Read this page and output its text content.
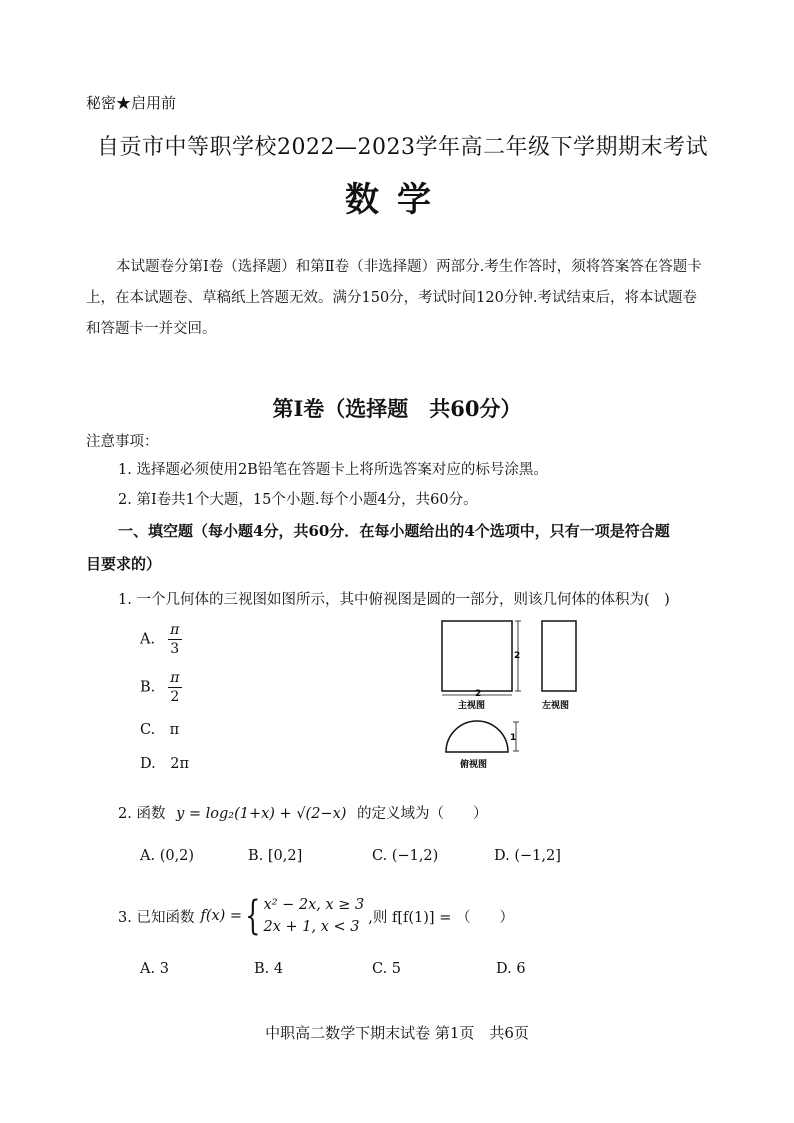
秘密★启用前
自贡市中等职学校2022—2023学年高二年级下学期期末考试
数学
本试题卷分第Ⅰ卷（选择题）和第Ⅱ卷（非选择题）两部分.考生作答时，须将答案答在答题卡上，在本试题卷、草稿纸上答题无效。满分150分，考试时间120分钟.考试结束后，将本试题卷和答题卡一并交回。
第Ⅰ卷（选择题　共60分）
注意事项：
1. 选择题必须使用2B铅笔在答题卡上将所选答案对应的标号涂黑。
2. 第Ⅰ卷共1个大题，15个小题.每个小题4分，共60分。
一、填空题（每小题4分，共60分．在每小题给出的4个选项中，只有一项是符合题
目要求的）
1. 一个几何体的三视图如图所示，其中俯视图是圆的一部分，则该几何体的体积为(　)
A. $\frac{\pi}{3}$
B. $\frac{\pi}{2}$
C.　π
D.　2π
2
2
主视图	左视图
1
俯视图
2. 函数 y = log₂(1+x) + √(2−x) 的定义域为（　　）
A. (0,2)	B. [0,2]	C. (−1,2)	D. (−1,2]
3. 已知函数 f(x) = { x² − 2x, x ≥ 3
2x + 1, x < 3
,则 f[f(1)] = （　　）
A. 3	B. 4	C. 5	D. 6
中职高二数学下期末试卷 第1页　共6页
